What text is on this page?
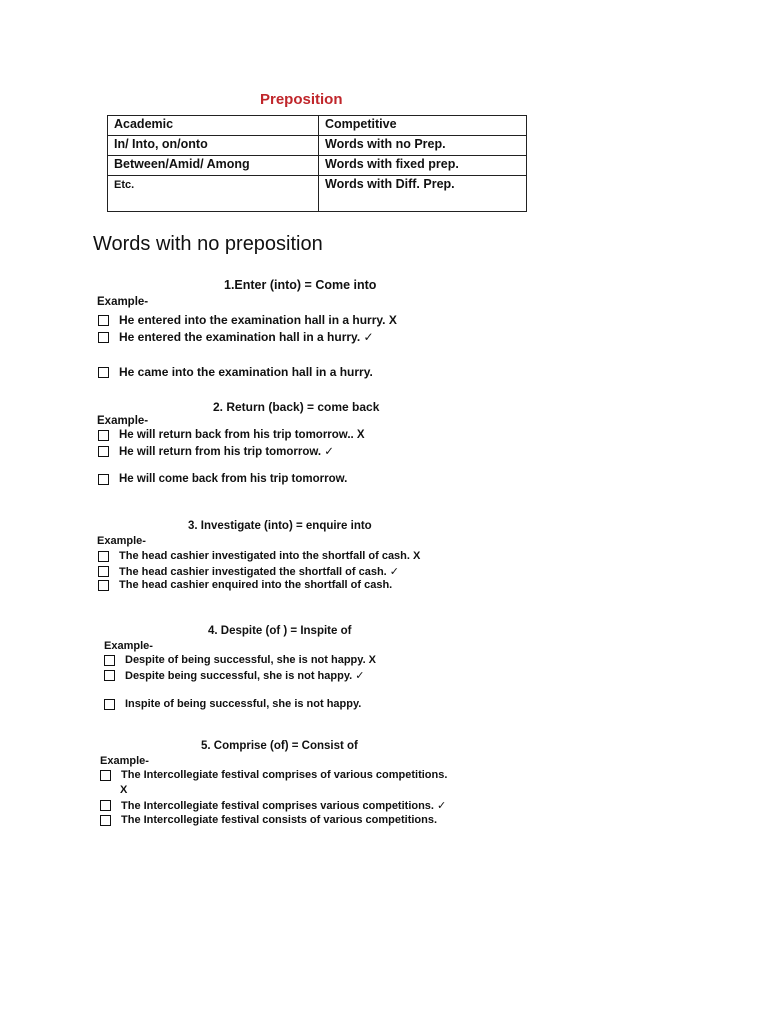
Preposition
Academic	Competitive
In/ Into, on/onto	Words with no Prep.
Between/Amid/ Among	Words with fixed prep.
Etc.	Words with Diff. Prep.
Words with no preposition
1.Enter (into) = Come into
Example-
He entered into the examination hall in a hurry. X
He entered the examination hall in a hurry. ✓
He came into the examination hall in a hurry.
2. Return (back) = come back
Example-
He will return back from his trip tomorrow.. X
He will return from his trip tomorrow. ✓
He will come back from his trip tomorrow.
3. Investigate (into) = enquire into
Example-
The head cashier investigated into the shortfall of cash. X
The head cashier investigated the shortfall of cash. ✓
The head cashier enquired into the shortfall of cash.
4. Despite (of ) = Inspite of
Example-
Despite of being successful, she is not happy. X
Despite being successful, she is not happy. ✓
Inspite of being successful, she is not happy.
5. Comprise (of) = Consist of
Example-
The Intercollegiate festival comprises of various competitions.
X
The Intercollegiate festival comprises various competitions. ✓
The Intercollegiate festival consists of various competitions.
